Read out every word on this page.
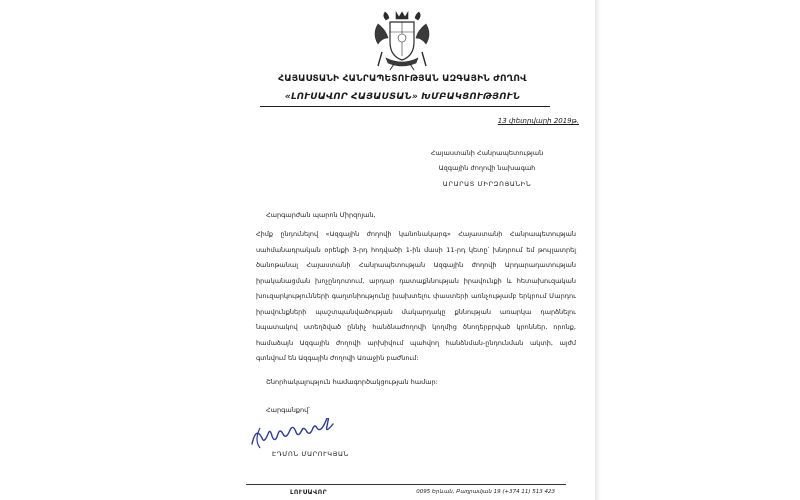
ՀԱՅԱՍՏԱՆԻ ՀԱՆՐԱՊԵՏՈՒԹՅԱՆ ԱԶԳԱՅԻՆ ԺՈՂՈՎ
«ԼՈՒՍԱՎՈՐ ՀԱՅԱՍՏԱՆ» ԽՄԲԱԿՑՈՒԹՅՈՒՆ
13 փետրվարի 2019թ.
Հայաստանի Հանրապետության
Ազգային ժողովի նախագահ
ԱՐԱՐԱՏ ՄԻՐԶՈՅԱՆԻՆ
Հարգարժան պարոն Միրզոյան,
Հիմք ընդունելով «Ազգային ժողովի կանոնակարգ» Հայաստանի Հանրապետության սահմանադրական օրենքի 3-րդ հոդվածի 1-ին մասի 11-րդ կետը՝ խնդրում եմ թույլատրել ծանոթանալ Հայաստանի Հանրապետության Ազգային ժողովի Արդարադատության իրականացման խոչընդոտում, արդար դատաքննության իրավունքի և հետախուզական խուզարկությունների գաղտնիությունը խախտելու փաստերի առնչությամբ երկրում Մարդու իրավունքների պաշտպանվածության մակարդակը քննության առարկա դարձնելու նպատակով ստեղծված ըննիչ հանձնաժողովի կողմից ծնողերբրված կրոններ, որոնք, համաձայն Ազգային ժողովի արխիվում պահվող հանձնման-ընդունման ակտի, այժմ գտնվում են Ազգային ժողովի Առաջին բաժնում:
Շնորհակալություն համագործակցության համար:
Հարգանքով՝
ԷԴՄՈՆ ՄԱՐՈՒԿՅԱՆ
ԼՈՒՍԱՎՈՐ	0095 Երևան, Բաղրամյան 19 (+374 11) 513 423
